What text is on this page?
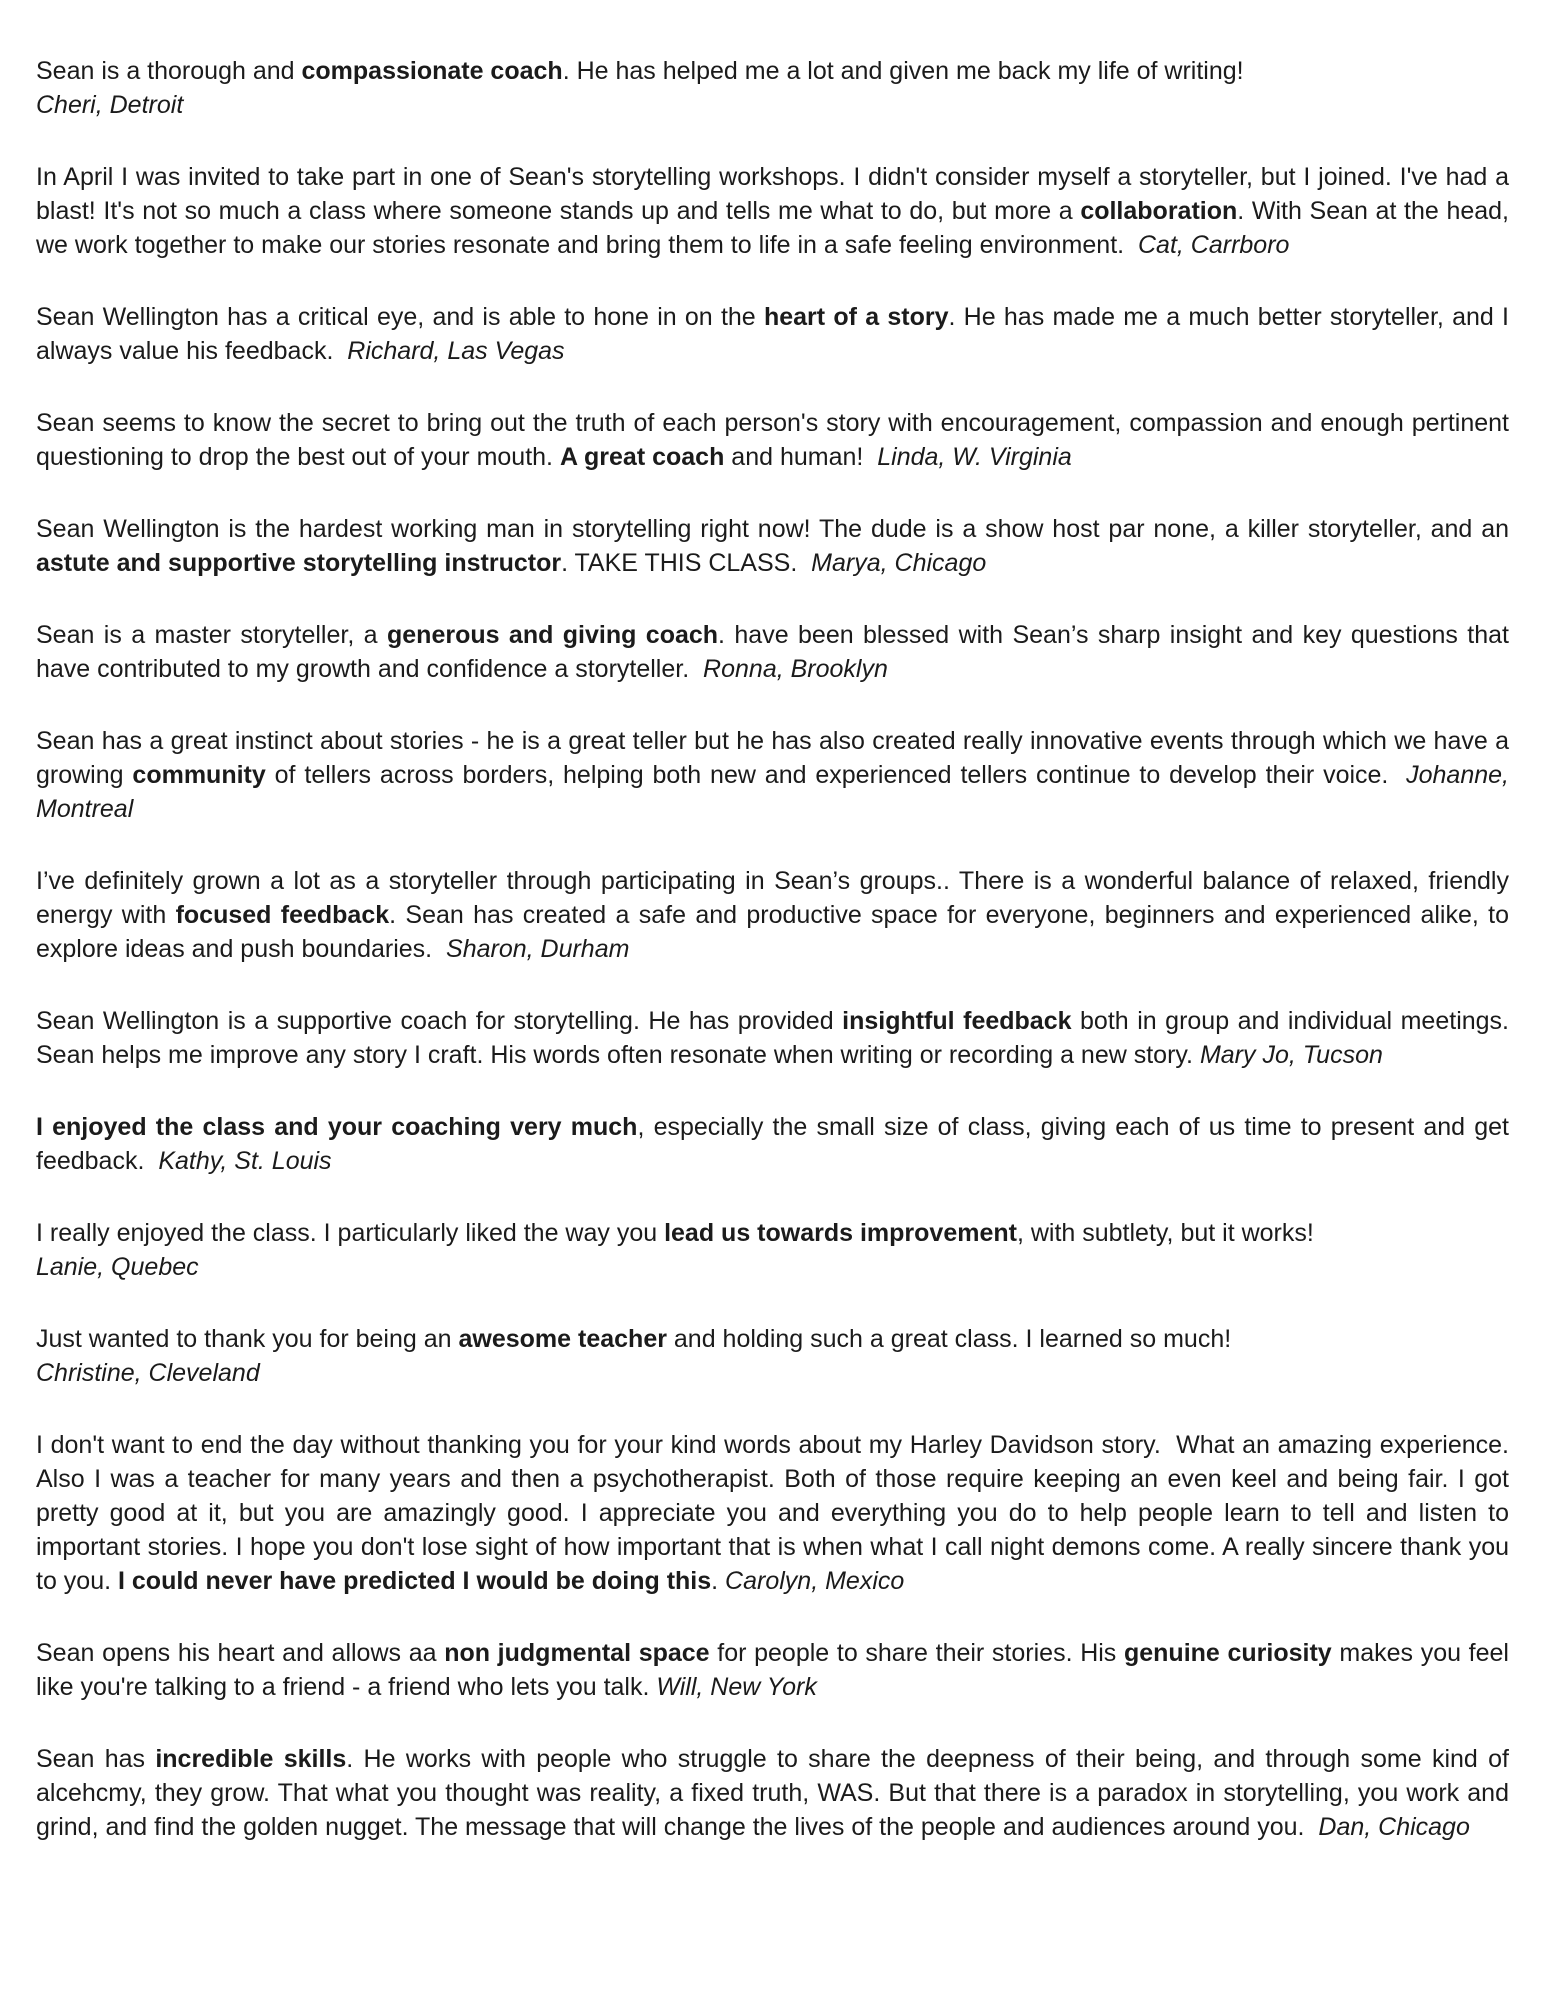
Sean is a thorough and compassionate coach. He has helped me a lot and given me back my life of writing!
Cheri, Detroit

In April I was invited to take part in one of Sean's storytelling workshops. I didn't consider myself a storyteller, but I joined. I've had a blast! It's not so much a class where someone stands up and tells me what to do, but more a collaboration. With Sean at the head, we work together to make our stories resonate and bring them to life in a safe feeling environment.  Cat, Carrboro

Sean Wellington has a critical eye, and is able to hone in on the heart of a story. He has made me a much better storyteller, and I always value his feedback.  Richard, Las Vegas

Sean seems to know the secret to bring out the truth of each person's story with encouragement, compassion and enough pertinent questioning to drop the best out of your mouth. A great coach and human!  Linda, W. Virginia

Sean Wellington is the hardest working man in storytelling right now! The dude is a show host par none, a killer storyteller, and an astute and supportive storytelling instructor. TAKE THIS CLASS.  Marya, Chicago

Sean is a master storyteller, a generous and giving coach. have been blessed with Sean’s sharp insight and key questions that have contributed to my growth and confidence a storyteller.  Ronna, Brooklyn

Sean has a great instinct about stories - he is a great teller but he has also created really innovative events through which we have a growing community of tellers across borders, helping both new and experienced tellers continue to develop their voice.  Johanne, Montreal

I’ve definitely grown a lot as a storyteller through participating in Sean’s groups.. There is a wonderful balance of relaxed, friendly energy with focused feedback. Sean has created a safe and productive space for everyone, beginners and experienced alike, to explore ideas and push boundaries.  Sharon, Durham

Sean Wellington is a supportive coach for storytelling. He has provided insightful feedback both in group and individual meetings. Sean helps me improve any story I craft. His words often resonate when writing or recording a new story. Mary Jo, Tucson

I enjoyed the class and your coaching very much, especially the small size of class, giving each of us time to present and get feedback.  Kathy, St. Louis

I really enjoyed the class. I particularly liked the way you lead us towards improvement, with subtlety, but it works!
Lanie, Quebec

Just wanted to thank you for being an awesome teacher and holding such a great class. I learned so much!
Christine, Cleveland

I don't want to end the day without thanking you for your kind words about my Harley Davidson story.  What an amazing experience. Also I was a teacher for many years and then a psychotherapist. Both of those require keeping an even keel and being fair. I got pretty good at it, but you are amazingly good. I appreciate you and everything you do to help people learn to tell and listen to important stories. I hope you don't lose sight of how important that is when what I call night demons come. A really sincere thank you to you. I could never have predicted I would be doing this. Carolyn, Mexico

Sean opens his heart and allows aa non judgmental space for people to share their stories. His genuine curiosity makes you feel like you're talking to a friend - a friend who lets you talk. Will, New York

Sean has incredible skills. He works with people who struggle to share the deepness of their being, and through some kind of alcehcmy, they grow. That what you thought was reality, a fixed truth, WAS. But that there is a paradox in storytelling, you work and grind, and find the golden nugget. The message that will change the lives of the people and audiences around you.  Dan, Chicago
